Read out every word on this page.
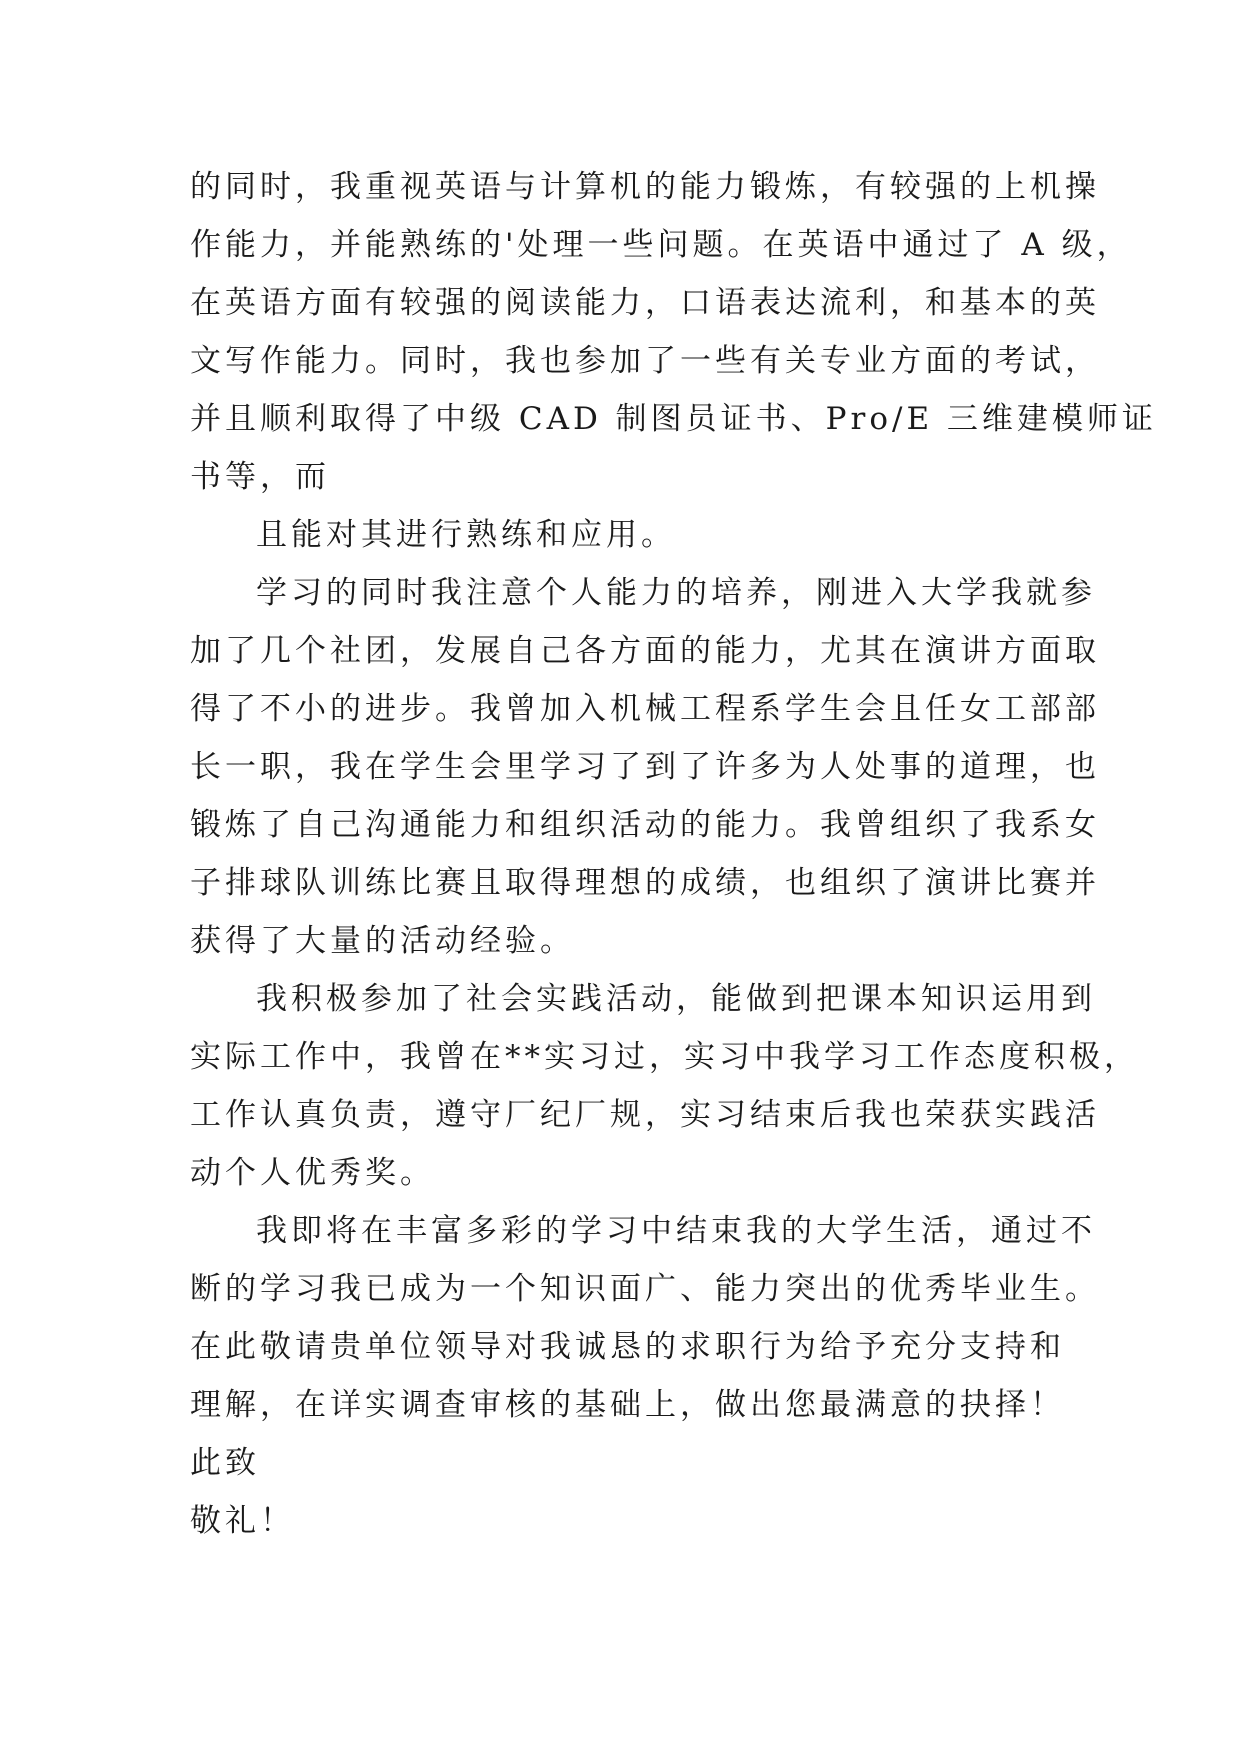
的同时，我重视英语与计算机的能力锻炼，有较强的上机操
作能力，并能熟练的'处理一些问题。在英语中通过了 A 级，
在英语方面有较强的阅读能力，口语表达流利，和基本的英
文写作能力。同时，我也参加了一些有关专业方面的考试，
并且顺利取得了中级 CAD 制图员证书、Pro/E 三维建模师证
书等，而
且能对其进行熟练和应用。
学习的同时我注意个人能力的培养，刚进入大学我就参
加了几个社团，发展自己各方面的能力，尤其在演讲方面取
得了不小的进步。我曾加入机械工程系学生会且任女工部部
长一职，我在学生会里学习了到了许多为人处事的道理，也
锻炼了自己沟通能力和组织活动的能力。我曾组织了我系女
子排球队训练比赛且取得理想的成绩，也组织了演讲比赛并
获得了大量的活动经验。
我积极参加了社会实践活动，能做到把课本知识运用到
实际工作中，我曾在**实习过，实习中我学习工作态度积极，
工作认真负责，遵守厂纪厂规，实习结束后我也荣获实践活
动个人优秀奖。
我即将在丰富多彩的学习中结束我的大学生活，通过不
断的学习我已成为一个知识面广、能力突出的优秀毕业生。
在此敬请贵单位领导对我诚恳的求职行为给予充分支持和
理解，在详实调查审核的基础上，做出您最满意的抉择！
此致
敬礼！
